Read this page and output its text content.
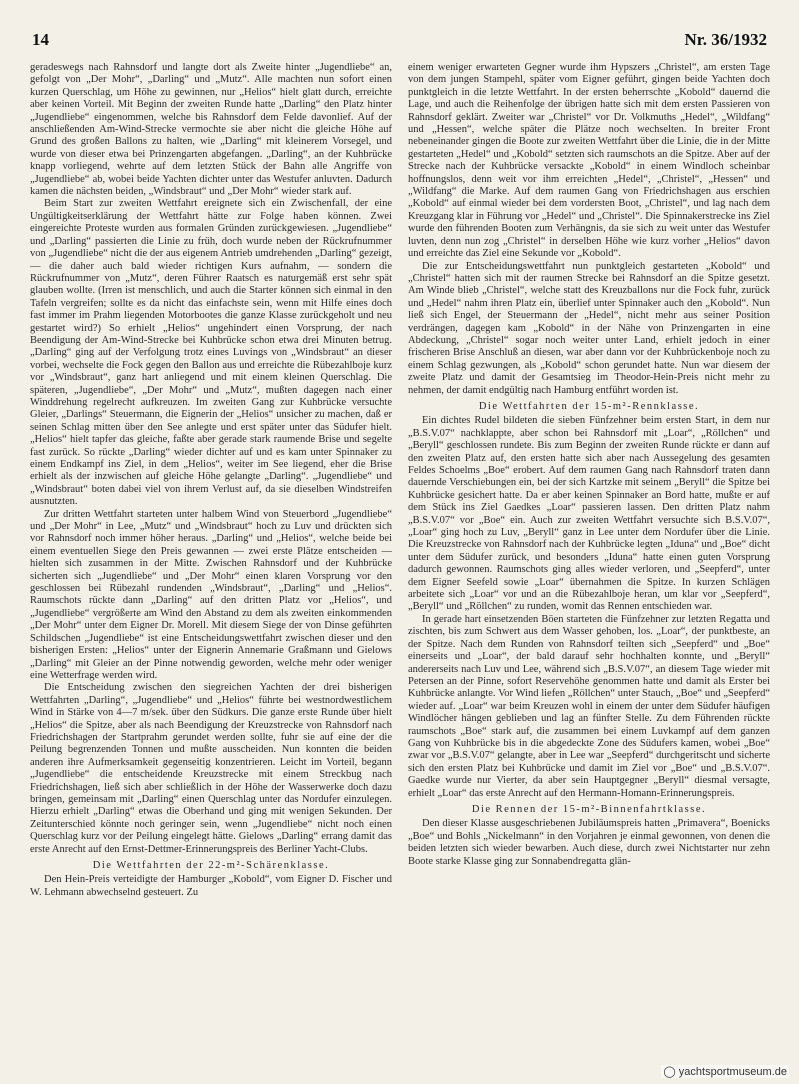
14	Nr. 36/1932

geradeswegs nach Rahnsdorf und langte dort als Zweite hinter „Jugendliebe“ an, gefolgt von „Der Mohr“, „Darling“ und „Mutz“. Alle machten nun sofort einen kurzen Querschlag, um Höhe zu gewinnen, nur „Helios“ hielt glatt durch, erreichte aber keinen Vorteil. Mit Beginn der zweiten Runde hatte „Darling“ den Platz hinter „Jugendliebe“ eingenommen, welche bis Rahnsdorf dem Felde davonlief. Auf der anschließenden Am-Wind-Strecke vermochte sie aber nicht die gleiche Höhe auf Grund des großen Ballons zu halten, wie „Darling“ mit kleinerem Vorsegel, und wurde von dieser etwa bei Prinzengarten abgefangen. „Darling“, an der Kuhbrücke knapp vorliegend, wehrte auf dem letzten Stück der Bahn alle Angriffe von „Jugendliebe“ ab, wobei beide Yachten dichter unter das Westufer anluvten. Dadurch kamen die nächsten beiden, „Windsbraut“ und „Der Mohr“ wieder stark auf.

Beim Start zur zweiten Wettfahrt ereignete sich ein Zwischenfall, der eine Ungültigkeitserklärung der Wettfahrt hätte zur Folge haben können. Zwei eingereichte Proteste wurden aus formalen Gründen zurückgewiesen. „Jugendliebe“ und „Darling“ passierten die Linie zu früh, doch wurde neben der Rückrufnummer von „Jugendliebe“ nicht die der aus eigenem Antrieb umdrehenden „Darling“ gezeigt, — die daher auch bald wieder richtigen Kurs aufnahm, — sondern die Rückrufnummer von „Mutz“, deren Führer Raatsch es naturgemäß erst sehr spät glauben wollte. (Irren ist menschlich, und auch die Starter können sich einmal in den Tafeln vergreifen; sollte es da nicht das einfachste sein, wenn mit Hilfe eines doch fast immer im Prahm liegenden Motorbootes die ganze Klasse zurückgeholt und neu gestartet wird?) So erhielt „Helios“ ungehindert einen Vorsprung, der nach Beendigung der Am-Wind-Strecke bei Kuhbrücke schon etwa drei Minuten betrug. „Darling“ ging auf der Verfolgung trotz eines Luvings von „Windsbraut“ an dieser vorbei, wechselte die Fock gegen den Ballon aus und erreichte die Rübezahlboje kurz vor „Windsbraut“, ganz hart anliegend und mit einem kleinen Querschlag. Die späteren, „Jugendliebe“, „Der Mohr“ und „Mutz“, mußten dagegen nach einer Winddrehung regelrecht aufkreuzen. Im zweiten Gang zur Kuhbrücke versuchte Gleier, „Darlings“ Steuermann, die Eignerin der „Helios“ unsicher zu machen, daß er seinen Schlag mitten über den See anlegte und erst später unter das Südufer hielt. „Helios“ hielt tapfer das gleiche, faßte aber gerade stark raumende Brise und segelte fast zurück. So rückte „Darling“ wieder dichter auf und es kam unter Spinnaker zu einem Endkampf ins Ziel, in dem „Helios“, weiter im See liegend, eher die Brise erhielt als der inzwischen auf gleiche Höhe gelangte „Darling“. „Jugendliebe“ und „Windsbraut“ boten dabei viel von ihrem Verlust auf, da sie dieselben Windstreifen ausnutzten.

Zur dritten Wettfahrt starteten unter halbem Wind von Steuerbord „Jugendliebe“ und „Der Mohr“ in Lee, „Mutz“ und „Windsbraut“ hoch zu Luv und drückten sich vor Rahnsdorf noch immer höher heraus. „Darling“ und „Helios“, welche beide bei einem eventuellen Siege den Preis gewannen — zwei erste Plätze entscheiden — hielten sich zusammen in der Mitte. Zwischen Rahnsdorf und der Kuhbrücke sicherten sich „Jugendliebe“ und „Der Mohr“ einen klaren Vorsprung vor den geschlossen bei Rübezahl rundenden „Windsbraut“, „Darling“ und „Helios“. Raumschots rückte dann „Darling“ auf den dritten Platz vor „Helios“, und „Jugendliebe“ vergrößerte am Wind den Abstand zu dem als zweiten einkommenden „Der Mohr“ unter dem Eigner Dr. Morell. Mit diesem Siege der von Dinse geführten Schildschen „Jugendliebe“ ist eine Entscheidungswettfahrt zwischen dieser und den bisherigen Ersten: „Helios“ unter der Eignerin Annemarie Graßmann und Gielows „Darling“ mit Gleier an der Pinne notwendig geworden, welche mehr oder weniger eine Wetterfrage werden wird.

Die Entscheidung zwischen den siegreichen Yachten der drei bisherigen Wettfahrten „Darling“, „Jugendliebe“ und „Helios“ führte bei westnordwestlichem Wind in Stärke von 4—7 m/sek. über den Südkurs. Die ganze erste Runde über hielt „Helios“ die Spitze, aber als nach Beendigung der Kreuzstrecke von Rahnsdorf nach Friedrichshagen der Startprahm gerundet werden sollte, fuhr sie auf eine der die Peilung begrenzenden Tonnen und mußte ausscheiden. Nun konnten die beiden anderen ihre Aufmerksamkeit gegenseitig konzentrieren. Leicht im Vorteil, begann „Jugendliebe“ die entscheidende Kreuzstrecke mit einem Streckbug nach Friedrichshagen, ließ sich aber schließlich in der Höhe der Wasserwerke doch dazu bringen, gemeinsam mit „Darling“ einen Querschlag unter das Nordufer einzulegen. Hierzu erhielt „Darling“ etwas die Oberhand und ging mit wenigen Sekunden. Der Zeitunterschied könnte noch geringer sein, wenn „Jugendliebe“ nicht noch einen Querschlag kurz vor der Peilung eingelegt hätte. Gielows „Darling“ errang damit das erste Anrecht auf den Ernst-Dettmer-Erinnerungspreis des Berliner Yacht-Clubs.

Die Wettfahrten der 22-m²-Schärenklasse.

Den Hein-Preis verteidigte der Hamburger „Kobold“, vom Eigner D. Fischer und W. Lehmann abwechselnd gesteuert. Zu

einem weniger erwarteten Gegner wurde ihm Hypszers „Christel“, am ersten Tage von dem jungen Stampehl, später vom Eigner geführt, gingen beide Yachten doch punktgleich in die letzte Wettfahrt. In der ersten beherrschte „Kobold“ dauernd die Lage, und auch die Reihenfolge der übrigen hatte sich mit dem ersten Passieren von Rahnsdorf geklärt. Zweiter war „Christel“ vor Dr. Volkmuths „Hedel“, „Wildfang“ und „Hessen“, welche später die Plätze noch wechselten. In breiter Front nebeneinander gingen die Boote zur zweiten Wettfahrt über die Linie, die in der Mitte gestarteten „Hedel“ und „Kobold“ setzten sich raumschots an die Spitze. Aber auf der Strecke nach der Kuhbrücke versackte „Kobold“ in einem Windloch scheinbar hoffnungslos, denn weit vor ihm erreichten „Hedel“, „Christel“, „Hessen“ und „Wildfang“ die Marke. Auf dem raumen Gang von Friedrichshagen aus erschien „Kobold“ auf einmal wieder bei dem vordersten Boot, „Christel“, und lag nach dem Kreuzgang klar in Führung vor „Hedel“ und „Christel“. Die Spinnakerstrecke ins Ziel wurde den führenden Booten zum Verhängnis, da sie sich zu weit unter das Westufer luvten, denn nun zog „Christel“ in derselben Höhe wie kurz vorher „Helios“ davon und erreichte das Ziel eine Sekunde vor „Kobold“.

Die zur Entscheidungswettfahrt nun punktgleich gestarteten „Kobold“ und „Christel“ hatten sich mit der raumen Strecke bei Rahnsdorf an die Spitze gesetzt. Am Winde blieb „Christel“, welche statt des Kreuzballons nur die Fock fuhr, zurück und „Hedel“ nahm ihren Platz ein, überlief unter Spinnaker auch den „Kobold“. Nun ließ sich Engel, der Steuermann der „Hedel“, nicht mehr aus seiner Position verdrängen, dagegen kam „Kobold“ in der Nähe von Prinzengarten in eine Abdeckung, „Christel“ sogar noch weiter unter Land, erhielt jedoch in einer frischeren Brise Anschluß an diesen, war aber dann vor der Kuhbrückenboje noch zu einem Schlag gezwungen, als „Kobold“ schon gerundet hatte. Nun war diesem der zweite Platz und damit der Gesamtsieg im Theodor-Hein-Preis nicht mehr zu nehmen, der damit endgültig nach Hamburg entführt worden ist.

Die Wettfahrten der 15-m²-Rennklasse.

Ein dichtes Rudel bildeten die sieben Fünfzehner beim ersten Start, in dem nur „B.S.V.07“ nachklappte, aber schon bei Rahnsdorf mit „Loar“, „Röllchen“ und „Beryll“ geschlossen rundete. Bis zum Beginn der zweiten Runde rückte er dann auf den zweiten Platz auf, den ersten hatte sich aber nach Aussegelung des gesamten Feldes Schoelms „Boe“ erobert. Auf dem raumen Gang nach Rahnsdorf traten dann dauernde Verschiebungen ein, bei der sich Kartzke mit seinem „Beryll“ die Spitze bei Kuhbrücke gesichert hatte. Da er aber keinen Spinnaker an Bord hatte, mußte er auf dem Stück ins Ziel Gaedkes „Loar“ passieren lassen. Den dritten Platz nahm „B.S.V.07“ vor „Boe“ ein. Auch zur zweiten Wettfahrt versuchte sich B.S.V.07“, „Loar“ ging hoch zu Luv, „Beryll“ ganz in Lee unter dem Nordufer über die Linie. Die Kreuzstrecke von Rahnsdorf nach der Kuhbrücke legten „Iduna“ und „Boe“ dicht unter dem Südufer zurück, und besonders „Iduna“ hatte einen guten Vorsprung dadurch gewonnen. Raumschots ging alles wieder verloren, und „Seepferd“, unter dem Eigner Seefeld sowie „Loar“ übernahmen die Spitze. In kurzen Schlägen arbeitete sich „Loar“ vor und an die Rübezahlboje heran, um klar vor „Seepferd“, „Beryll“ und „Röllchen“ zu runden, womit das Rennen entschieden war.

In gerade hart einsetzenden Böen starteten die Fünfzehner zur letzten Regatta und zischten, bis zum Schwert aus dem Wasser gehoben, los. „Loar“, der punktbeste, an der Spitze. Nach dem Runden von Rahnsdorf teilten sich „Seepferd“ und „Boe“ einerseits und „Loar“, der bald darauf sehr hochhalten konnte, und „Beryll“ andererseits nach Luv und Lee, während sich „B.S.V.07“, an diesem Tage wieder mit Petersen an der Pinne, sofort Reservehöhe genommen hatte und damit als Erster bei Kuhbrücke anlangte. Vor Wind liefen „Röllchen“ unter Stauch, „Boe“ und „Seepferd“ wieder auf. „Loar“ war beim Kreuzen wohl in einem der unter dem Südufer häufigen Windlöcher hängen geblieben und lag an fünfter Stelle. Zu dem Führenden rückte raumschots „Boe“ stark auf, die zusammen bei einem Luvkampf auf dem ganzen Gang von Kuhbrücke bis in die abgedeckte Zone des Südufers kamen, wobei „Boe“ zwar vor „B.S.V.07“ gelangte, aber in Lee war „Seepferd“ durchgeritscht und sicherte sich den ersten Platz bei Kuhbrücke und damit im Ziel vor „Boe“ und „B.S.V.07“. Gaedke wurde nur Vierter, da aber sein Hauptgegner „Beryll“ diesmal versagte, erhielt „Loar“ das erste Anrecht auf den Hermann-Homann-Erinnerungspreis.

Die Rennen der 15-m²-Binnenfahrtklasse.

Den dieser Klasse ausgeschriebenen Jubiläumspreis hatten „Primavera“, Boenicks „Boe“ und Bohls „Nickelmann“ in den Vorjahren je einmal gewonnen, von denen die beiden letzten sich wieder bewarben. Auch diese, durch zwei Nichtstarter nur zehn Boote starke Klasse ging zur Sonnabendregatta glän-

◯ yachtsportmuseum.de
